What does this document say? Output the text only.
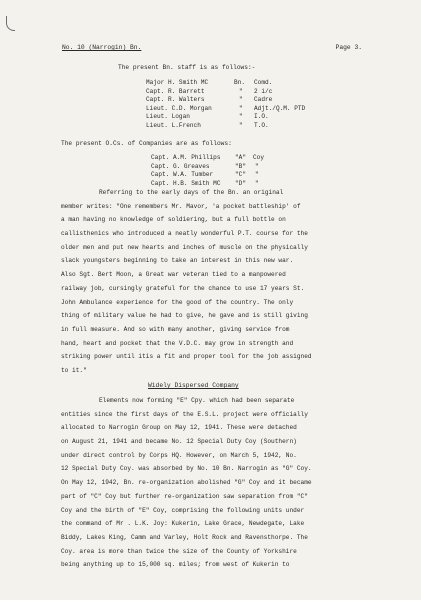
No. 10 (Narrogin) Bn.	Page 3.
The present Bn. staff is as follows:-
Major H. Smith MC	Bn. Comd.
Capt. R. Barrett	" 2 i/c
Capt. R. Walters	" Cadre
Lieut. C.D. Morgan	" Adjt./Q.M. PTD
Lieut. Logan	" I.O.
Lieut. L.French	" T.O.
The present O.Cs. of Companies are as follows:
Capt. A.M. Phillips "A" Coy
Capt. G. Greaves	"B" "
Capt. W.A. Tumber	"C" "
Capt. H.B. Smith MC "D" "
Referring to the early days of the Bn. an original
member writes: "One remembers Mr. Mavor, 'a pocket battleship' of
a man having no knowledge of soldiering, but a full bottle on
callisthenics who introduced a neatly wonderful P.T. course for the
older men and put new hearts and inches of muscle on the physically
slack youngsters beginning to take an interest in this new war.
Also Sgt. Bert Moon, a Great war veteran tied to a manpowered
railway job, cursingly grateful for the chance to use 17 years St.
John Ambulance experience for the good of the country. The only
thing of military value he had to give, he gave and is still giving
in full measure. And so with many another, giving service from
hand, heart and pocket that the V.D.C. may grow in strength and
striking power until itis a fit and proper tool for the job assigned
to it."
Widely Dispersed Company
Elements now forming "E" Cpy. which had been separate
entities since the first days of the E.S.L. project were officially
allocated to Narrogin Group on May 12, 1941. These were detached
on August 21, 1941 and became No. 12 Special Duty Coy (Southern)
under direct control by Corps HQ. However, on March 5, 1942, No.
12 Special Duty Coy. was absorbed by No. 10 Bn. Narrogin as "G" Coy.
On May 12, 1942, Bn. re-organization abolished "G" Coy and it became
part of "C" Coy but further re-organization saw separation from "C"
Coy and the birth of "E" Coy, comprising the following units under
the command of Mr . L.K. Joy: Kukerin, Lake Grace, Newdegate, Lake
Biddy, Lakes King, Camm and Varley, Holt Rock and Ravensthorpe. The
Coy. area is more than twice the size of the County of Yorkshire
being anything up to 15,000 sq. miles; from west of Kukerin to
